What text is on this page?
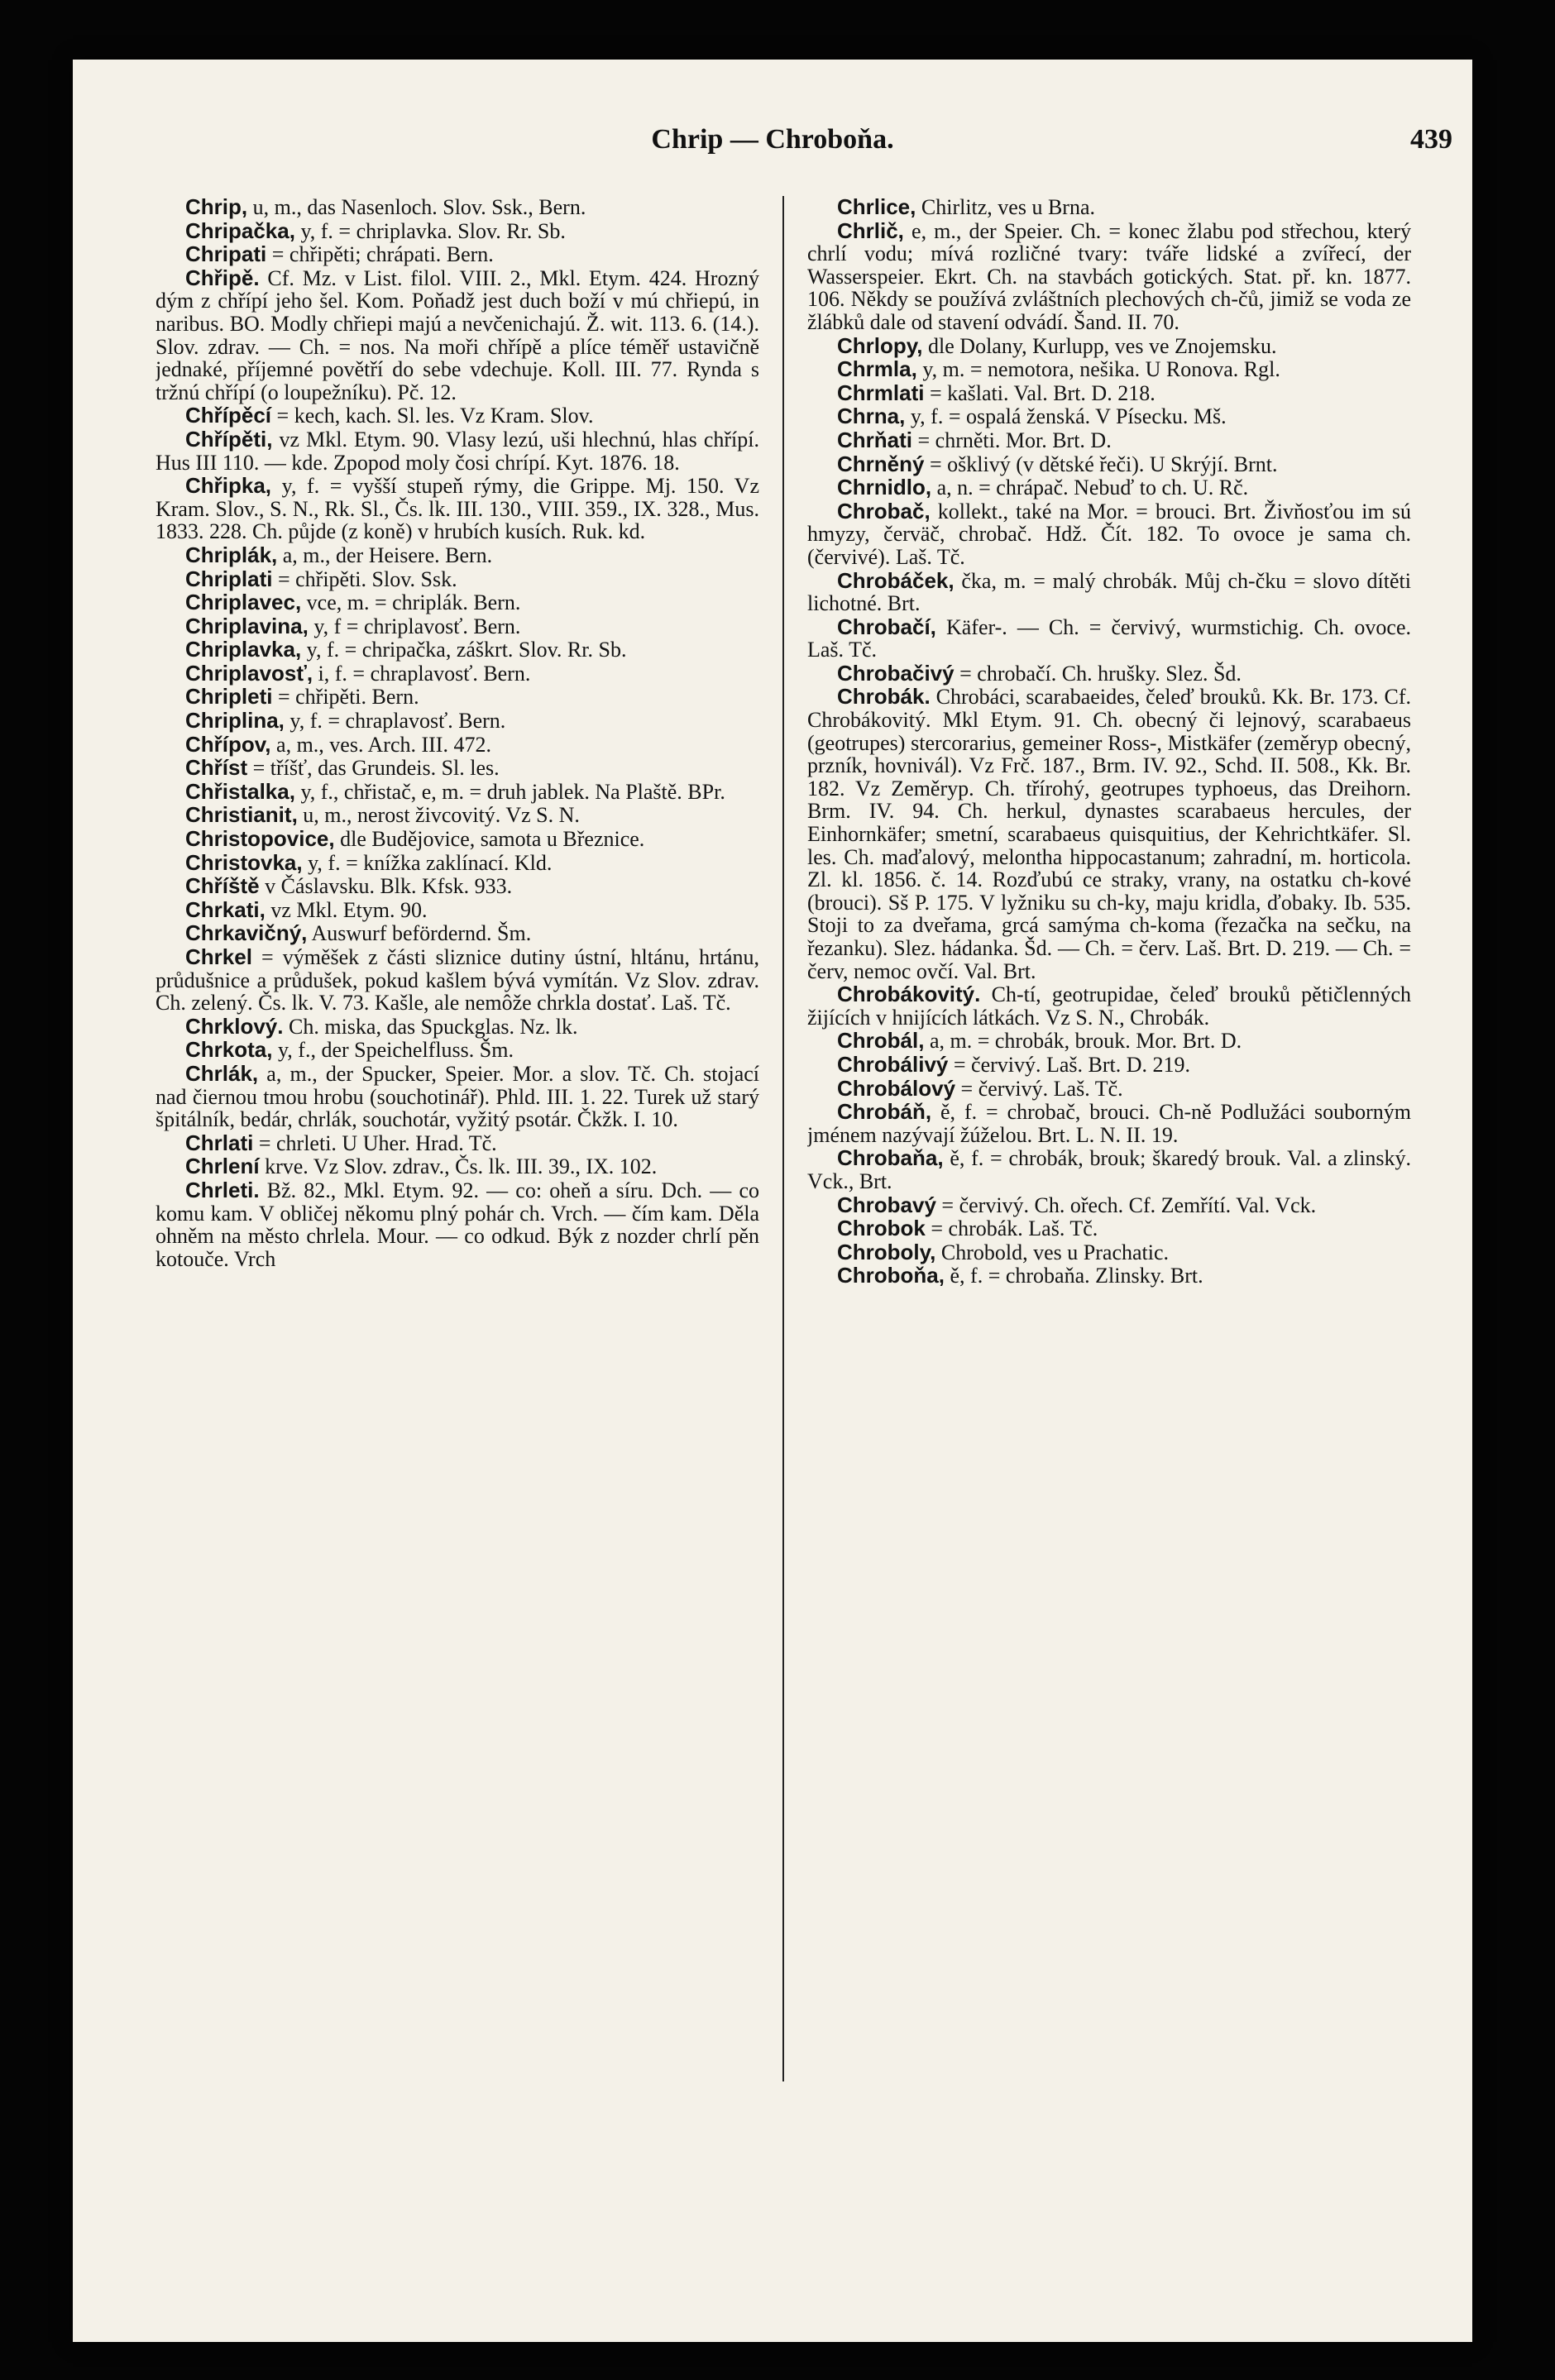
Chrip — Chroboňa.	439

Chrip, u, m., das Nasenloch. Slov. Ssk., Bern.

Chripačka, y, f. = chriplavka. Slov. Rr. Sb.

Chripati = chřipěti; chrápati. Bern.

Chřipě. Cf. Mz. v List. filol. VIII. 2., Mkl. Etym. 424. Hrozný dým z chřípí jeho šel. Kom. Poňadž jest duch boží v mú chřiepú, in naribus. BO. Modly chřiepi majú a nevčenichajú. Ž. wit. 113. 6. (14.). Slov. zdrav. — Ch. = nos. Na moři chřípě a plíce téměř ustavičně jednaké, příjemné povětří do sebe vdechuje. Koll. III. 77. Rynda s tržnú chřípí (o loupežníku). Pč. 12.

Chřípěcí = kech, kach. Sl. les. Vz Kram. Slov.

Chřípěti, vz Mkl. Etym. 90. Vlasy lezú, uši hlechnú, hlas chřípí. Hus III 110. — kde. Zpopod moly čosi chrípí. Kyt. 1876. 18.

Chřipka, y, f. = vyšší stupeň rýmy, die Grippe. Mj. 150. Vz Kram. Slov., S. N., Rk. Sl., Čs. lk. III. 130., VIII. 359., IX. 328., Mus. 1833. 228. Ch. půjde (z koně) v hrubích kusích. Ruk. kd.

Chriplák, a, m., der Heisere. Bern.

Chriplati = chřipěti. Slov. Ssk.

Chriplavec, vce, m. = chriplák. Bern.

Chriplavina, y, f = chriplavosť. Bern.

Chriplavka, y, f. = chripačka, záškrt. Slov. Rr. Sb.

Chriplavosť, i, f. = chraplavosť. Bern.

Chripleti = chřipěti. Bern.

Chriplina, y, f. = chraplavosť. Bern.

Chřípov, a, m., ves. Arch. III. 472.

Chříst = tříšť, das Grundeis. Sl. les.

Chřistalka, y, f., chřistač, e, m. = druh jablek. Na Plaště. BPr.

Christianit, u, m., nerost živcovitý. Vz S. N.

Christopovice, dle Budějovice, samota u Březnice.

Christovka, y, f. = knížka zaklínací. Kld.

Chříště v Čáslavsku. Blk. Kfsk. 933.

Chrkati, vz Mkl. Etym. 90.

Chrkavičný, Auswurf befördernd. Šm.

Chrkel = výměšek z části sliznice dutiny ústní, hltánu, hrtánu, průdušnice a průdušek, pokud kašlem bývá vymítán. Vz Slov. zdrav. Ch. zelený. Čs. lk. V. 73. Kašle, ale nemôže chrkla dostať. Laš. Tč.

Chrklový. Ch. miska, das Spuckglas. Nz. lk.

Chrkota, y, f., der Speichelfluss. Šm.

Chrlák, a, m., der Spucker, Speier. Mor. a slov. Tč. Ch. stojací nad čiernou tmou hrobu (souchotinář). Phld. III. 1. 22. Turek už starý špitálník, bedár, chrlák, souchotár, vyžitý psotár. Čkžk. I. 10.

Chrlati = chrleti. U Uher. Hrad. Tč.

Chrlení krve. Vz Slov. zdrav., Čs. lk. III. 39., IX. 102.

Chrleti. Bž. 82., Mkl. Etym. 92. — co: oheň a síru. Dch. — co komu kam. V obličej někomu plný pohár ch. Vrch. — čím kam. Děla ohněm na město chrlela. Mour. — co odkud. Býk z nozder chrlí pěn kotouče. Vrch

Chrlice, Chirlitz, ves u Brna.

Chrlič, e, m., der Speier. Ch. = konec žlabu pod střechou, který chrlí vodu; mívá rozličné tvary: tváře lidské a zvířecí, der Wasserspeier. Ekrt. Ch. na stavbách gotických. Stat. př. kn. 1877. 106. Někdy se používá zvláštních plechových ch-čů, jimiž se voda ze žlábků dale od stavení odvádí. Šand. II. 70.

Chrlopy, dle Dolany, Kurlupp, ves ve Znojemsku.

Chrmla, y, m. = nemotora, nešika. U Ronova. Rgl.

Chrmlati = kašlati. Val. Brt. D. 218.

Chrna, y, f. = ospalá ženská. V Písecku. Mš.

Chrňati = chrněti. Mor. Brt. D.

Chrněný = ošklivý (v dětské řeči). U Skrýjí. Brnt.

Chrnidlo, a, n. = chrápač. Nebuď to ch. U. Rč.

Chrobač, kollekt., také na Mor. = brouci. Brt. Živňosťou im sú hmyzy, červäč, chrobač. Hdž. Čít. 182. To ovoce je sama ch. (červivé). Laš. Tč.

Chrobáček, čka, m. = malý chrobák. Můj ch-čku = slovo dítěti lichotné. Brt.

Chrobačí, Käfer-. — Ch. = červivý, wurmstichig. Ch. ovoce. Laš. Tč.

Chrobačivý = chrobačí. Ch. hrušky. Slez. Šd.

Chrobák. Chrobáci, scarabaeides, čeleď brouků. Kk. Br. 173. Cf. Chrobákovitý. Mkl Etym. 91. Ch. obecný či lejnový, scarabaeus (geotrupes) stercorarius, gemeiner Ross-, Mistkäfer (zeměryp obecný, przník, hovnivál). Vz Frč. 187., Brm. IV. 92., Schd. II. 508., Kk. Br. 182. Vz Zeměryp. Ch. třírohý, geotrupes typhoeus, das Dreihorn. Brm. IV. 94. Ch. herkul, dynastes scarabaeus hercules, der Einhornkäfer; smetní, scarabaeus quisquitius, der Kehrichtkäfer. Sl. les. Ch. maďalový, melontha hippocastanum; zahradní, m. horticola. Zl. kl. 1856. č. 14. Rozďubú ce straky, vrany, na ostatku ch-kové (brouci). Sš P. 175. V lyžniku su ch-ky, maju kridla, ďobaky. Ib. 535. Stoji to za dveřama, grcá samýma ch-koma (řezačka na sečku, na řezanku). Slez. hádanka. Šd. — Ch. = červ. Laš. Brt. D. 219. — Ch. = červ, nemoc ovčí. Val. Brt.

Chrobákovitý. Ch-tí, geotrupidae, čeleď brouků pětičlenných žijících v hnijících látkách. Vz S. N., Chrobák.

Chrobál, a, m. = chrobák, brouk. Mor. Brt. D.

Chrobálivý = červivý. Laš. Brt. D. 219.

Chrobálový = červivý. Laš. Tč.

Chrobáň, ě, f. = chrobač, brouci. Ch-ně Podlužáci souborným jménem nazývají žúželou. Brt. L. N. II. 19.

Chrobaňa, ě, f. = chrobák, brouk; škaredý brouk. Val. a zlinský. Vck., Brt.

Chrobavý = červivý. Ch. ořech. Cf. Zemřítí. Val. Vck.

Chrobok = chrobák. Laš. Tč.

Chroboly, Chrobold, ves u Prachatic.

Chroboňa, ě, f. = chrobaňa. Zlinsky. Brt.
